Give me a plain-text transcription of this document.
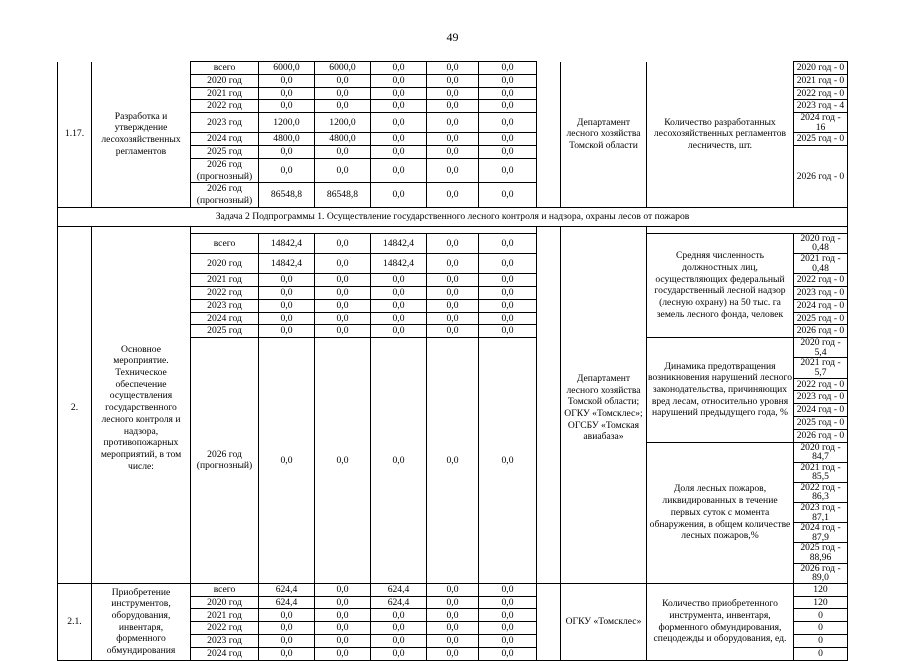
49
1.17.	Разработка и утверждение лесохозяйственных регламентов	всего	6000,0	6000,0	0,0	0,0	0,0		Департамент лесного хозяйства Томской области	Количество разработанных лесохозяйственных регламентов лесничеств, шт.	2020 год - 0
		2020 год	0,0	0,0	0,0	0,0	0,0				2021 год - 0
		2021 год	0,0	0,0	0,0	0,0	0,0				2022 год - 0
		2022 год	0,0	0,0	0,0	0,0	0,0				2023 год - 4
		2023 год	1200,0	1200,0	0,0	0,0	0,0				2024 год - 16
		2024 год	4800,0	4800,0	0,0	0,0	0,0				2025 год - 0
		2025 год	0,0	0,0	0,0	0,0	0,0				2026 год - 0
		2026 год (прогнозный)	0,0	0,0	0,0	0,0	0,0				
		2026 год (прогнозный)	86548,8	86548,8	0,0	0,0	0,0				
Задача 2 Подпрограммы 1. Осуществление государственного лесного контроля и надзора, охраны лесов от пожаров											

2.	Основное мероприятие. Техническое обеспечение осуществления государственного лесного контроля и надзора, противопожарных мероприятий, в том числе:	всего	14842,4	0,0	14842,4	0,0	0,0		Департамент лесного хозяйства Томской области; ОГКУ «Томсклес»; ОГСБУ «Томская авиабаза»	Средняя численность должностных лиц, осуществляющих федеральный государственный лесной надзор (лесную охрану) на 50 тыс. га земель лесного фонда, человек	2020 год - 0,48
		2020 год	14842,4	0,0	14842,4	0,0	0,0				2021 год - 0,48
		2021 год	0,0	0,0	0,0	0,0	0,0				2022 год - 0
		2022 год	0,0	0,0	0,0	0,0	0,0				2023 год - 0
		2023 год	0,0	0,0	0,0	0,0	0,0				2024 год - 0
		2024 год	0,0	0,0	0,0	0,0	0,0				2025 год - 0
		2025 год	0,0	0,0	0,0	0,0	0,0				2026 год - 0
		2026 год (прогнозный)	0,0	0,0	0,0	0,0	0,0			Динамика предотвращения возникновения нарушений лесного законодательства, причиняющих вред лесам, относительно уровня нарушений предыдущего года, %	2020 год - 5,4
											2021 год - 5,7
											2022 год - 0
											2023 год - 0
											2024 год - 0
											2025 год - 0
											2026 год - 0
										Доля лесных пожаров, ликвидированных в течение первых суток с момента обнаружения, в общем количестве лесных пожаров,%	2020 год - 84,7
											2021 год - 85,5
											2022 год - 86,3
											2023 год - 87,1
											2024 год - 87,9
											2025 год - 88,96
											2026 год - 89,0
2.1.	Приобретение инструментов, оборудования, инвентаря, форменного обмундирования	всего	624,4	0,0	624,4	0,0	0,0		ОГКУ «Томсклес»	Количество приобретенного инструмента, инвентаря, форменного обмундирования, спецодежды и оборудования, ед.	120
		2020 год	624,4	0,0	624,4	0,0	0,0				120
		2021 год	0,0	0,0	0,0	0,0	0,0				0
		2022 год	0,0	0,0	0,0	0,0	0,0				0
		2023 год	0,0	0,0	0,0	0,0	0,0				0
		2024 год	0,0	0,0	0,0	0,0	0,0				0
